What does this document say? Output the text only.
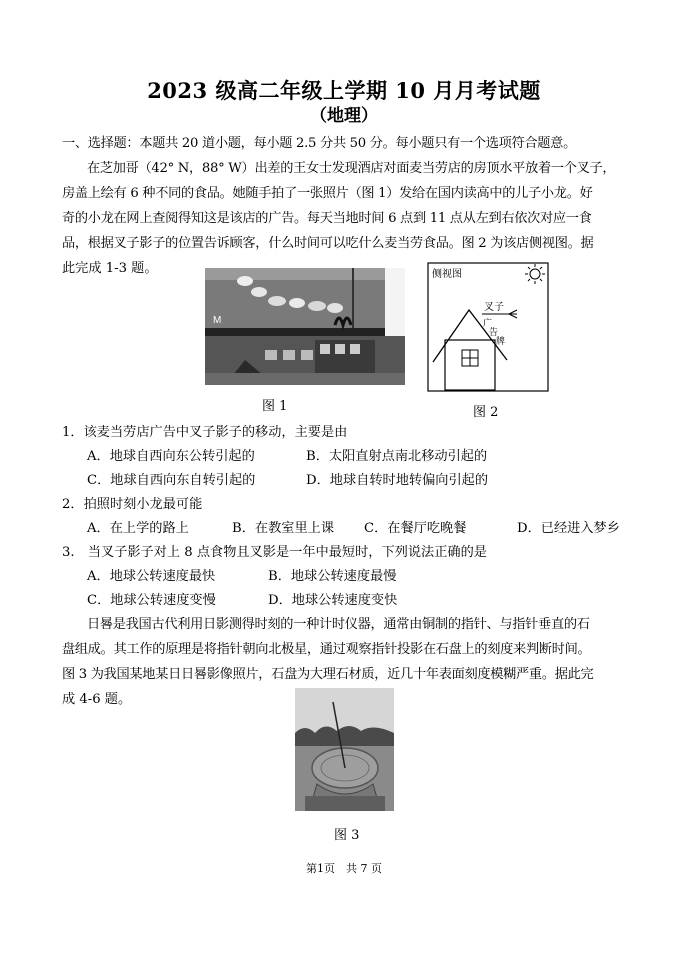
2023 级高二年级上学期 10 月月考试题
（地理）
一、选择题：本题共 20 道小题，每小题 2.5 分共 50 分。每小题只有一个选项符合题意。
在芝加哥（42° N，88° W）出差的王女士发现酒店对面麦当劳店的房顶水平放着一个叉子，
房盖上绘有 6 种不同的食品。她随手拍了一张照片（图 1）发给在国内读高中的儿子小龙。好
奇的小龙在网上查阅得知这是该店的广告。每天当地时间 6 点到 11 点从左到右依次对应一食
品，根据叉子影子的位置告诉顾客，什么时间可以吃什么麦当劳食品。图 2 为该店侧视图。据
此完成 1-3 题。
M
图 1
侧视图
叉子
广
告
牌
图 2
1．该麦当劳店广告中叉子影子的移动，主要是由
A．地球自西向东公转引起的	B．太阳直射点南北移动引起的
C．地球自西向东自转引起的	D．地球自转时地转偏向引起的
2．拍照时刻小龙最可能
A．在上学的路上	B．在教室里上课 C．在餐厅吃晚餐	D．已经进入梦乡
3.　当叉子影子对上 8 点食物且叉影是一年中最短时，下列说法正确的是
A．地球公转速度最快	B．地球公转速度最慢
C．地球公转速度变慢	D．地球公转速度变快
日晷是我国古代利用日影测得时刻的一种计时仪器，通常由铜制的指针、与指针垂直的石
盘组成。其工作的原理是将指针朝向北极星，通过观察指针投影在石盘上的刻度来判断时间。
图 3 为我国某地某日日晷影像照片，石盘为大理石材质，近几十年表面刻度模糊严重。据此完
成 4-6 题。
图 3
第1页　共 7 页
